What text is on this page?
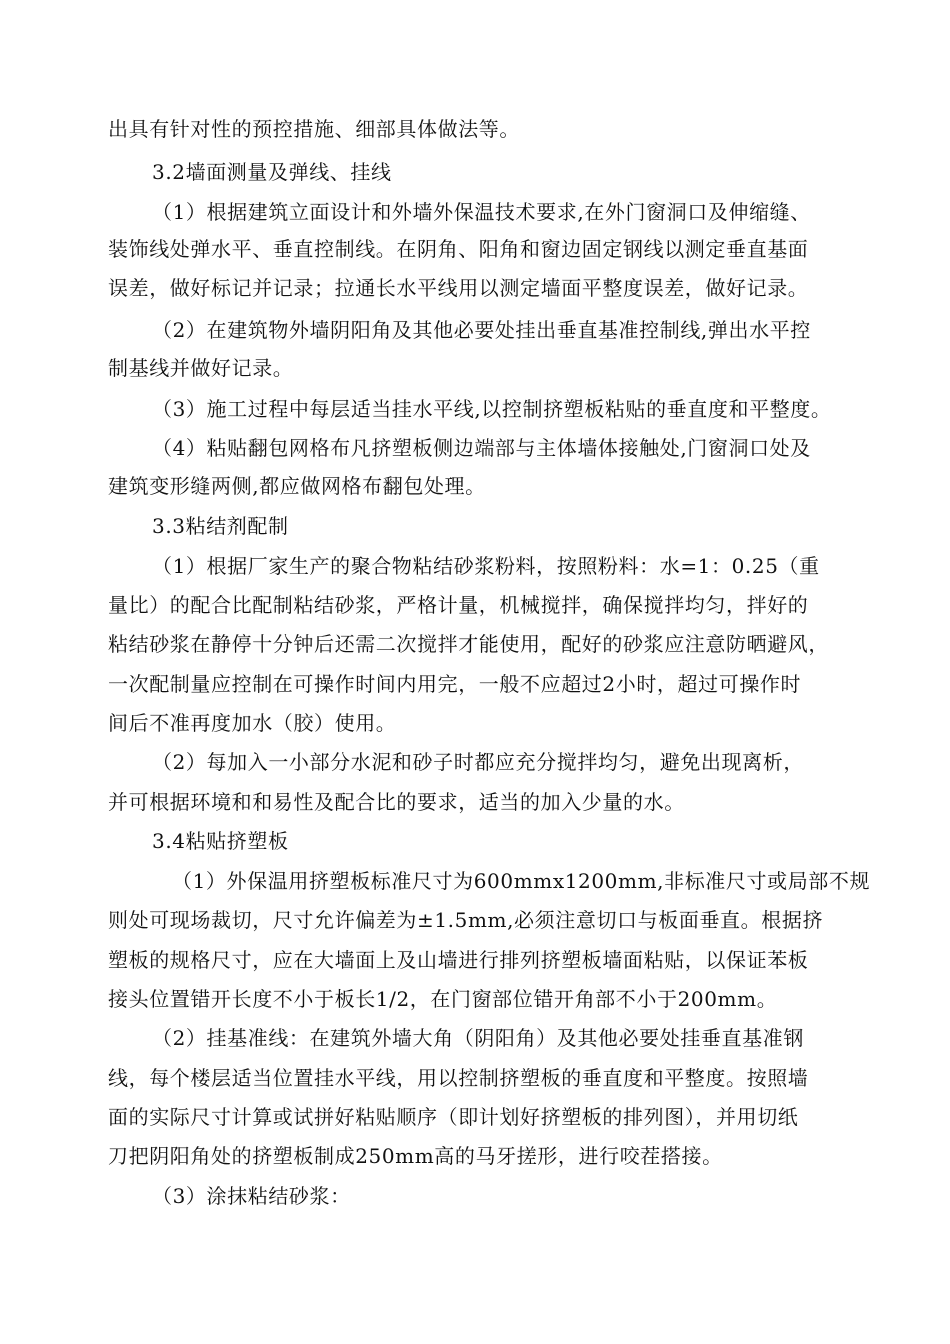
出具有针对性的预控措施、细部具体做法等。
3.2墙面测量及弹线、挂线
（1）根据建筑立面设计和外墙外保温技术要求,在外门窗洞口及伸缩缝、
装饰线处弹水平、垂直控制线。在阴角、阳角和窗边固定钢线以测定垂直基面
误差，做好标记并记录；拉通长水平线用以测定墙面平整度误差，做好记录。
（2）在建筑物外墙阴阳角及其他必要处挂出垂直基准控制线,弹出水平控
制基线并做好记录。
（3）施工过程中每层适当挂水平线,以控制挤塑板粘贴的垂直度和平整度。
（4）粘贴翻包网格布凡挤塑板侧边端部与主体墙体接触处,门窗洞口处及
建筑变形缝两侧,都应做网格布翻包处理。
3.3粘结剂配制
（1）根据厂家生产的聚合物粘结砂浆粉料，按照粉料：水=1：0.25（重
量比）的配合比配制粘结砂浆，严格计量，机械搅拌，确保搅拌均匀，拌好的
粘结砂浆在静停十分钟后还需二次搅拌才能使用，配好的砂浆应注意防晒避风，
一次配制量应控制在可操作时间内用完，一般不应超过2小时，超过可操作时
间后不准再度加水（胶）使用。
（2）每加入一小部分水泥和砂子时都应充分搅拌均匀，避免出现离析，
并可根据环境和和易性及配合比的要求，适当的加入少量的水。
3.4粘贴挤塑板
（1）外保温用挤塑板标准尺寸为600mmx1200mm,非标准尺寸或局部不规
则处可现场裁切，尺寸允许偏差为±1.5mm,必须注意切口与板面垂直。根据挤
塑板的规格尺寸，应在大墙面上及山墙进行排列挤塑板墙面粘贴，以保证苯板
接头位置错开长度不小于板长1/2，在门窗部位错开角部不小于200mm。
（2）挂基准线：在建筑外墙大角（阴阳角）及其他必要处挂垂直基准钢
线，每个楼层适当位置挂水平线，用以控制挤塑板的垂直度和平整度。按照墙
面的实际尺寸计算或试拼好粘贴顺序（即计划好挤塑板的排列图），并用切纸
刀把阴阳角处的挤塑板制成250mm高的马牙搓形，进行咬茬搭接。
（3）涂抹粘结砂浆：
